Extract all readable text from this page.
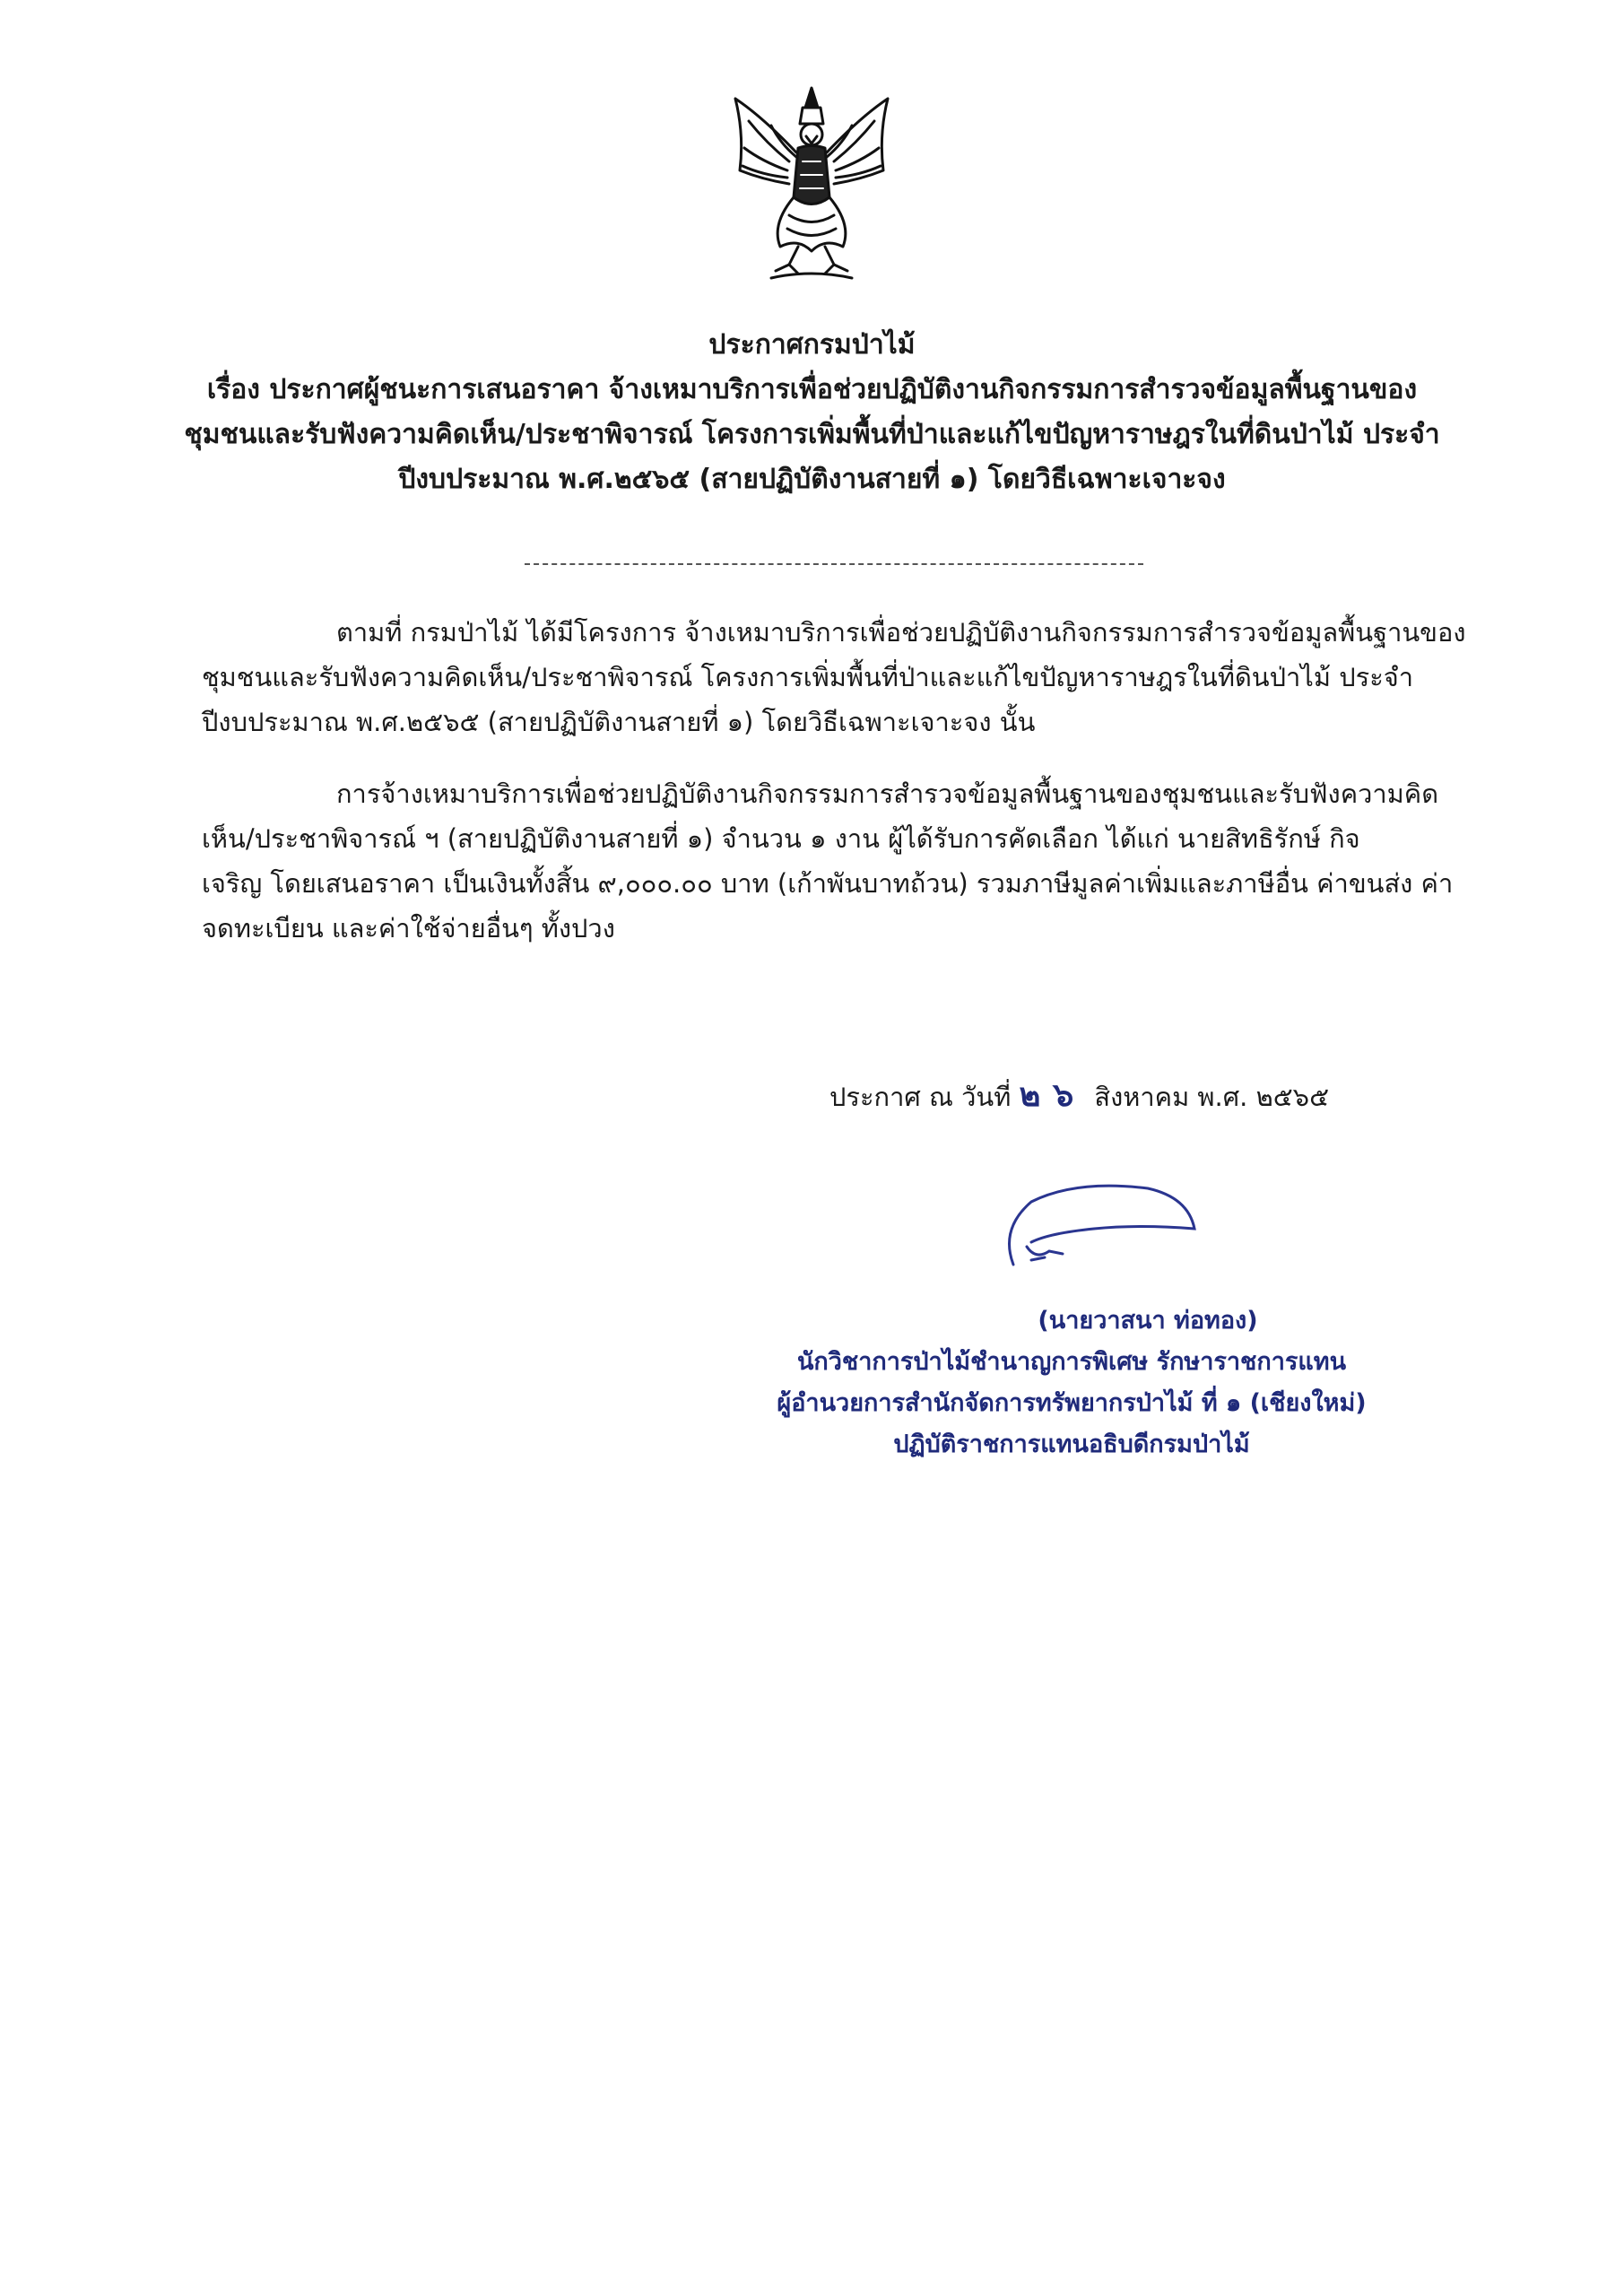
ประกาศกรมป่าไม้
เรื่อง ประกาศผู้ชนะการเสนอราคา จ้างเหมาบริการเพื่อช่วยปฏิบัติงานกิจกรรมการสำรวจข้อมูลพื้นฐานของ
ชุมชนและรับฟังความคิดเห็น/ประชาพิจารณ์ โครงการเพิ่มพื้นที่ป่าและแก้ไขปัญหาราษฎรในที่ดินป่าไม้ ประจำ
ปีงบประมาณ พ.ศ.๒๕๖๕ (สายปฏิบัติงานสายที่ ๑) โดยวิธีเฉพาะเจาะจง
ตามที่ กรมป่าไม้ ได้มีโครงการ จ้างเหมาบริการเพื่อช่วยปฏิบัติงานกิจกรรมการสำรวจข้อมูลพื้นฐานของ
ชุมชนและรับฟังความคิดเห็น/ประชาพิจารณ์ โครงการเพิ่มพื้นที่ป่าและแก้ไขปัญหาราษฎรในที่ดินป่าไม้ ประจำ
ปีงบประมาณ พ.ศ.๒๕๖๕ (สายปฏิบัติงานสายที่ ๑) โดยวิธีเฉพาะเจาะจง นั้น
การจ้างเหมาบริการเพื่อช่วยปฏิบัติงานกิจกรรมการสำรวจข้อมูลพื้นฐานของชุมชนและรับฟังความคิด
เห็น/ประชาพิจารณ์ ฯ (สายปฏิบัติงานสายที่ ๑) จำนวน ๑ งาน ผู้ได้รับการคัดเลือก ได้แก่ นายสิทธิรักษ์ กิจ
เจริญ โดยเสนอราคา เป็นเงินทั้งสิ้น ๙,๐๐๐.๐๐ บาท (เก้าพันบาทถ้วน) รวมภาษีมูลค่าเพิ่มและภาษีอื่น ค่าขนส่ง ค่า
จดทะเบียน และค่าใช้จ่ายอื่นๆ ทั้งปวง
ประกาศ ณ วันที่ ๒๖ สิงหาคม พ.ศ. ๒๕๖๕
(นายวาสนา ท่อทอง)
นักวิชาการป่าไม้ชำนาญการพิเศษ รักษาราชการแทน
ผู้อำนวยการสำนักจัดการทรัพยากรป่าไม้ ที่ ๑ (เชียงใหม่)
ปฏิบัติราชการแทนอธิบดีกรมป่าไม้
